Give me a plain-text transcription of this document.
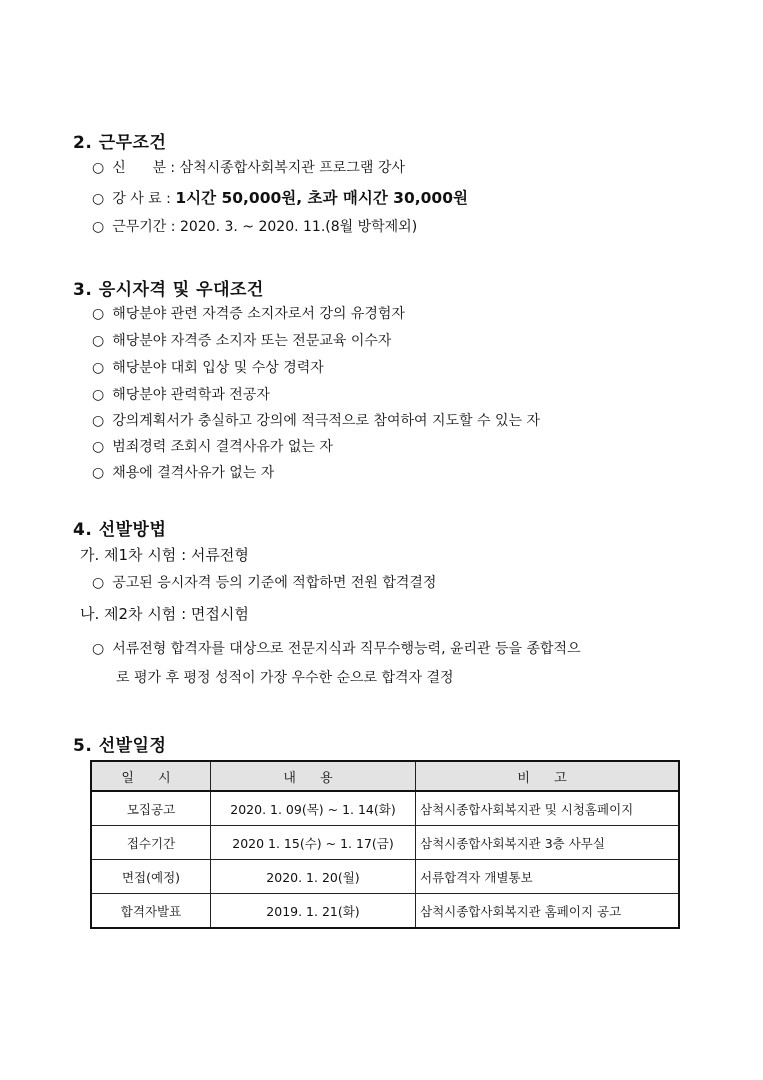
2. 근무조건
○ 신      분 : 삼척시종합사회복지관 프로그램 강사
○ 강 사 료 : 1시간 50,000원, 초과 매시간 30,000원
○ 근무기간 : 2020. 3. ~ 2020. 11.(8월 방학제외)
3. 응시자격 및 우대조건
○ 해당분야 관련 자격증 소지자로서 강의 유경험자
○ 해당분야 자격증 소지자 또는 전문교육 이수자
○ 해당분야 대회 입상 및 수상 경력자
○ 해당분야 관력학과 전공자
○ 강의계획서가 충실하고 강의에 적극적으로 참여하여 지도할 수 있는 자
○ 범죄경력 조회시 결격사유가 없는 자
○ 채용에 결격사유가 없는 자
4. 선발방법
가. 제1차 시험 : 서류전형
○ 공고된 응시자격 등의 기준에 적합하면 전원 합격결정
나. 제2차 시험 : 면접시험
○ 서류전형 합격자를 대상으로 전문지식과 직무수행능력, 윤리관 등을 종합적으
로 평가 후 평정 성적이 가장 우수한 순으로 합격자 결정
5. 선발일정
일 시	내 용	비 고
모집공고	2020. 1. 09(목) ~ 1. 14(화)	삼척시종합사회복지관 및 시청홈페이지
접수기간	2020 1. 15(수) ~ 1. 17(금)	삼척시종합사회복지관 3층 사무실
면접(예정)	2020. 1. 20(월)	서류합격자 개별통보
합격자발표	2019. 1. 21(화)	삼척시종합사회복지관 홈페이지 공고
